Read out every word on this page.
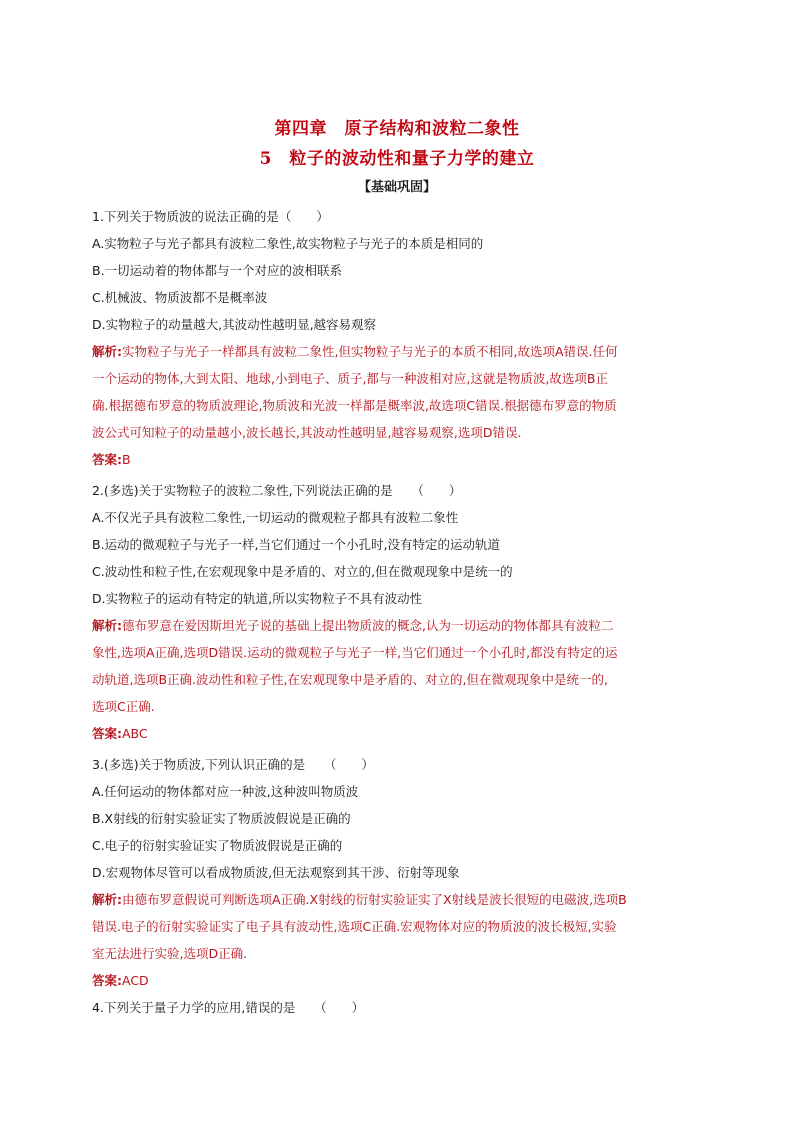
第四章　原子结构和波粒二象性
5　粒子的波动性和量子力学的建立
【基础巩固】
1.下列关于物质波的说法正确的是（　　）
A.实物粒子与光子都具有波粒二象性,故实物粒子与光子的本质是相同的
B.一切运动着的物体都与一个对应的波相联系
C.机械波、物质波都不是概率波
D.实物粒子的动量越大,其波动性越明显,越容易观察
解析:实物粒子与光子一样都具有波粒二象性,但实物粒子与光子的本质不相同,故选项A错误.任何
一个运动的物体,大到太阳、地球,小到电子、质子,都与一种波相对应,这就是物质波,故选项B正
确.根据德布罗意的物质波理论,物质波和光波一样都是概率波,故选项C错误.根据德布罗意的物质
波公式可知粒子的动量越小,波长越长,其波动性越明显,越容易观察,选项D错误.
答案:B
2.(多选)关于实物粒子的波粒二象性,下列说法正确的是　　（　　）
A.不仅光子具有波粒二象性,一切运动的微观粒子都具有波粒二象性
B.运动的微观粒子与光子一样,当它们通过一个小孔时,没有特定的运动轨道
C.波动性和粒子性,在宏观现象中是矛盾的、对立的,但在微观现象中是统一的
D.实物粒子的运动有特定的轨道,所以实物粒子不具有波动性
解析:德布罗意在爱因斯坦光子说的基础上提出物质波的概念,认为一切运动的物体都具有波粒二
象性,选项A正确,选项D错误.运动的微观粒子与光子一样,当它们通过一个小孔时,都没有特定的运
动轨道,选项B正确.波动性和粒子性,在宏观现象中是矛盾的、对立的,但在微观现象中是统一的,
选项C正确.
答案:ABC
3.(多选)关于物质波,下列认识正确的是　　（　　）
A.任何运动的物体都对应一种波,这种波叫物质波
B.X射线的衍射实验证实了物质波假说是正确的
C.电子的衍射实验证实了物质波假说是正确的
D.宏观物体尽管可以看成物质波,但无法观察到其干涉、衍射等现象
解析:由德布罗意假说可判断选项A正确.X射线的衍射实验证实了X射线是波长很短的电磁波,选项B
错误.电子的衍射实验证实了电子具有波动性,选项C正确.宏观物体对应的物质波的波长极短,实验
室无法进行实验,选项D正确.
答案:ACD
4.下列关于量子力学的应用,错误的是　　（　　）
